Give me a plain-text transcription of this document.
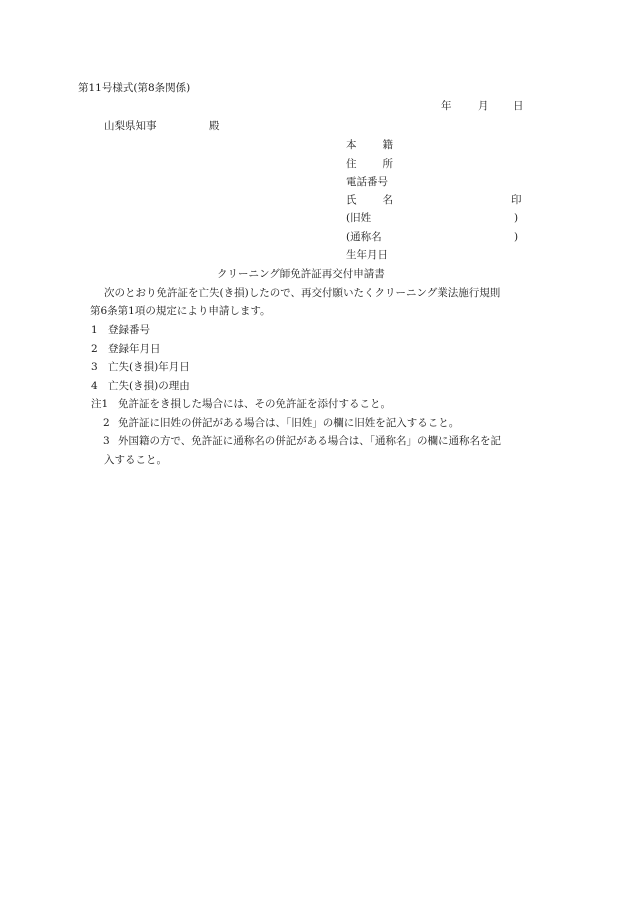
第11号様式(第8条関係)
年	月 日
山梨県知事	殿
本 籍
住 所
電話番号
氏 名	印
(旧姓	)
(通称名	)
生年月日
クリーニング師免許証再交付申請書
次のとおり免許証を亡失(き損)したので、再交付願いたくクリーニング業法施行規則
第6条第1項の規定により申請します。
1 登録番号
2 登録年月日
3 亡失(き損)年月日
4 亡失(き損)の理由
注1 免許証をき損した場合には、その免許証を添付すること。
2 免許証に旧姓の併記がある場合は、「旧姓」の欄に旧姓を記入すること。
3 外国籍の方で、免許証に通称名の併記がある場合は、「通称名」の欄に通称名を記
入すること。
